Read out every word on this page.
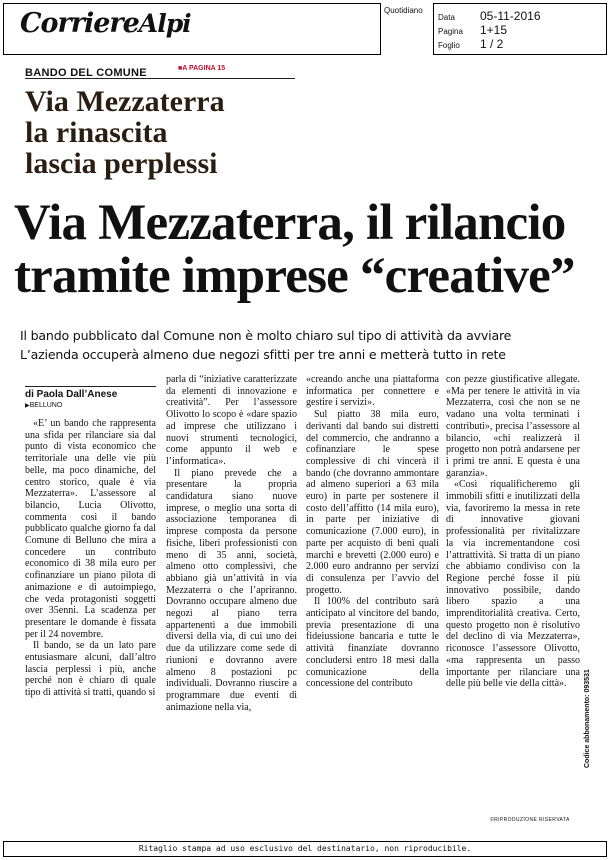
CorriereAlpi	Quotidiano
Data 05-11-2016
Pagina 1+15
Foglio 1 / 2
BANDO DEL COMUNE
■	A PAGINA 15
Via Mezzaterra
la rinascita
lascia perplessi
Via Mezzaterra, il rilancio
tramite imprese “creative”
Il bando pubblicato dal Comune non è molto chiaro sul tipo di attività da avviare
L’azienda occuperà almeno due negozi sfitti per tre anni e metterà tutto in rete
di Paola Dall’Anese
▶ BELLUNO

«E’ un bando che rappresenta una sfida per rilanciare sia dal punto di vista economico che territoriale una delle vie più belle, ma poco dinamiche, del centro storico, quale è via Mezzaterra». L’assessore al bilancio, Lucia Olivotto, commenta così il bando pubblicato qualche giorno fa dal Comune di Belluno che mira a concedere un contributo economico di 38 mila euro per cofinanziare un piano pilota di animazione e di autoimpiego, che veda protagonisti soggetti over 35enni. La scadenza per presentare le domande è fissata per il 24 novembre.

Il bando, se da un lato pare entusiasmare alcuni, dall’altro lascia perplessi i più, anche perché non è chiaro di quale tipo di attività si tratti, quando si

parla di “iniziative caratterizzate da elementi di innovazione e creatività”. Per l’assessore Olivotto lo scopo è «dare spazio ad imprese che utilizzano i nuovi strumenti tecnologici, come appunto il web e l’informatica».

Il piano prevede che a presentare la propria candidatura siano nuove imprese, o meglio una sorta di associazione temporanea di imprese composta da persone fisiche, liberi professionisti con meno di 35 anni, società, almeno otto complessivi, che abbiano già un’attività in via Mezzaterra o che l’apriranno. Dovranno occupare almeno due negozi al piano terra appartenenti a due immobili diversi della via, di cui uno dei due da utilizzare come sede di riunioni e dovranno avere almeno 8 postazioni pc individuali. Dovranno riuscire a programmare due eventi di animazione nella via,

«creando anche una piattaforma informatica per connettere e gestire i servizi».

Sul piatto 38 mila euro, derivanti dal bando sui distretti del commercio, che andranno a cofinanziare le spese complessive di chi vincerà il bando (che dovranno ammontare ad almeno superiori a 63 mila euro) in parte per sostenere il costo dell’affitto (14 mila euro), in parte per iniziative di comunicazione (7.000 euro), in parte per acquisto di beni quali marchi e brevetti (2.000 euro) e 2.000 euro andranno per servizi di consulenza per l’avvio del progetto.

Il 100% del contributo sarà anticipato al vincitore del bando, previa presentazione di una fideiussione bancaria e tutte le attività finanziate dovranno concludersi entro 18 mesi dalla comunicazione della concessione del contributo

con pezze giustificative allegate. «Ma per tenere le attività in via Mezzaterra, così che non se ne vadano una volta terminati i contributi», precisa l’assessore al bilancio, «chi realizzerà il progetto non potrà andarsene per i primi tre anni. E questa è una garanzia».

«Così riqualificheremo gli immobili sfitti e inutilizzati della via, favoriremo la messa in rete di innovative giovani professionalità per rivitalizzare la via incrementandone così l’attrattività. Si tratta di un piano che abbiamo condiviso con la Regione perché fosse il più innovativo possibile, dando libero spazio a una imprenditorialità creativa. Certo, questo progetto non è risolutivo del declino di via Mezzaterra», riconosce l’assessore Olivotto, «ma rappresenta un passo importante per rilanciare una delle più belle vie della città».

©RIPRODUZIONE RISERVATA
Codice abbonamento: 093531
Ritaglio stampa ad uso esclusivo del destinatario, non riproducibile.
